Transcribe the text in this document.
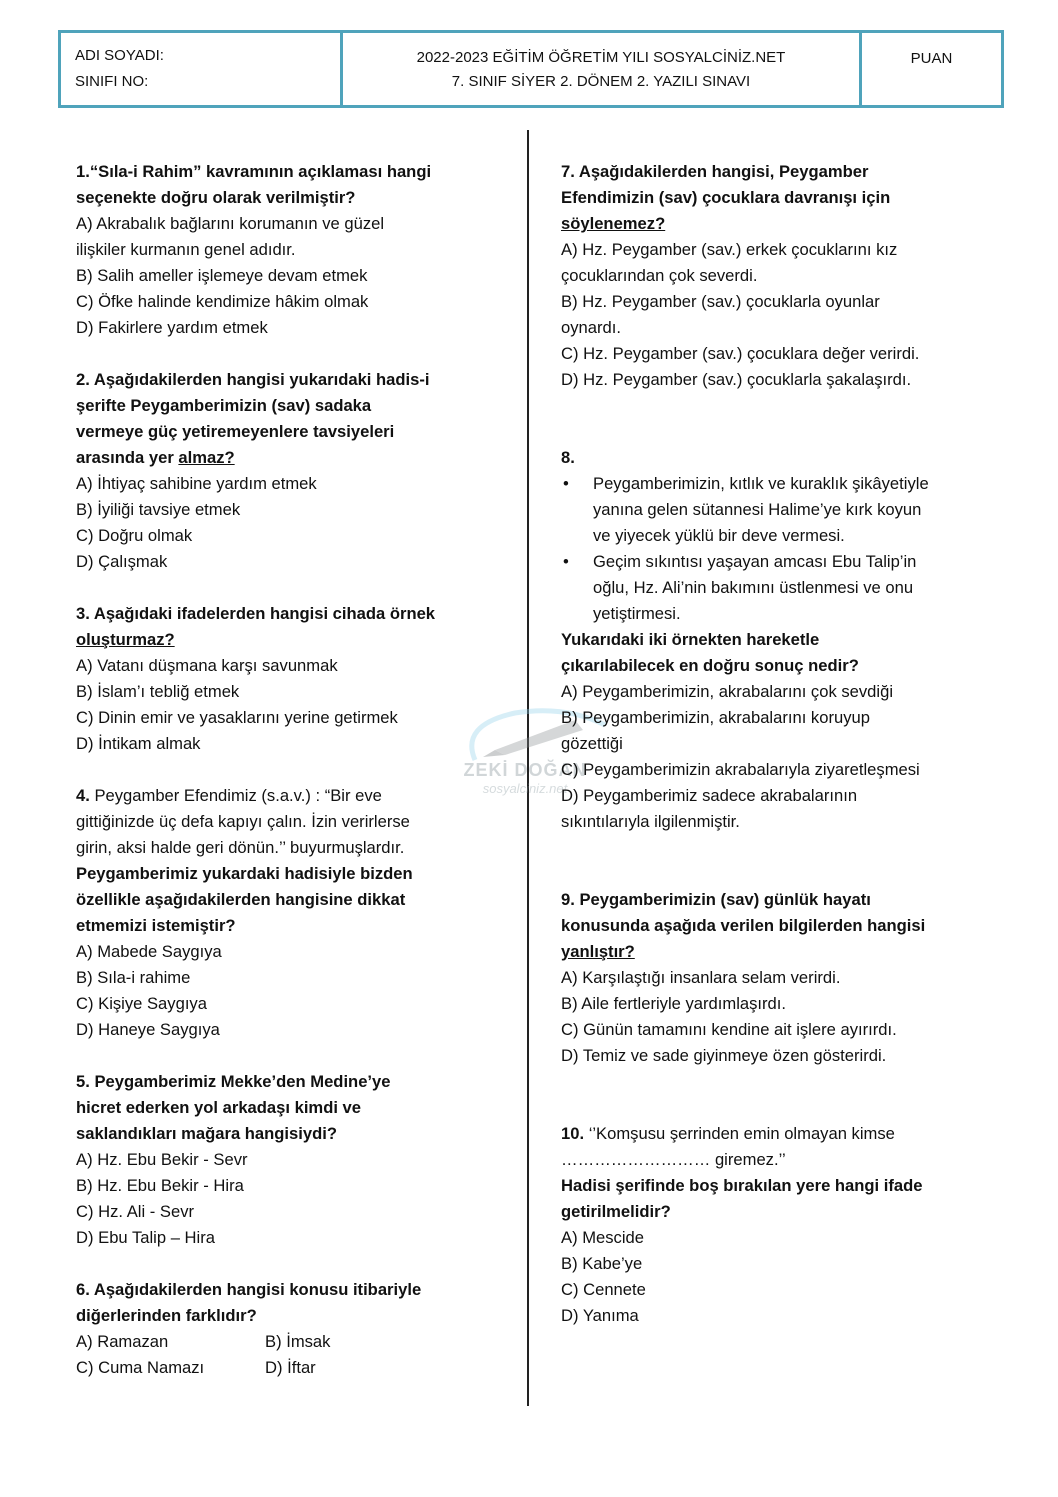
ADI SOYADI:
SINIFI NO:
2022-2023 EĞİTİM ÖĞRETİM YILI SOSYALCİNİZ.NET
7. SINIF SİYER 2. DÖNEM 2. YAZILI SINAVI
PUAN
ZEKİ DOĞAN
sosyalciniz.net
1.“Sıla-i Rahim” kavramının açıklaması hangi
seçenekte doğru olarak verilmiştir?
A) Akrabalık bağlarını korumanın ve güzel
ilişkiler kurmanın genel adıdır.
B) Salih ameller işlemeye devam etmek
C) Öfke halinde kendimize hâkim olmak
D) Fakirlere yardım etmek
2. Aşağıdakilerden hangisi yukarıdaki hadis-i
şerifte Peygamberimizin (sav) sadaka
vermeye güç yetiremeyenlere tavsiyeleri
arasında yer almaz?
A) İhtiyaç sahibine yardım etmek
B) İyiliği tavsiye etmek
C) Doğru olmak
D) Çalışmak
3. Aşağıdaki ifadelerden hangisi cihada örnek
oluşturmaz?
A) Vatanı düşmana karşı savunmak
B) İslam’ı tebliğ etmek
C) Dinin emir ve yasaklarını yerine getirmek
D) İntikam almak
4. Peygamber Efendimiz (s.a.v.) : “Bir eve
gittiğinizde üç defa kapıyı çalın. İzin verirlerse
girin, aksi halde geri dönün.’’ buyurmuşlardır.
Peygamberimiz yukardaki hadisiyle bizden
özellikle aşağıdakilerden hangisine dikkat
etmemizi istemiştir?
A) Mabede Saygıya
B) Sıla-i rahime
C) Kişiye Saygıya
D) Haneye Saygıya
5. Peygamberimiz Mekke’den Medine’ye
hicret ederken yol arkadaşı kimdi ve
saklandıkları mağara hangisiydi?
A) Hz. Ebu Bekir - Sevr
B) Hz. Ebu Bekir - Hira
C) Hz. Ali - Sevr
D) Ebu Talip – Hira
6. Aşağıdakilerden hangisi konusu itibariyle
diğerlerinden farklıdır?
A) Ramazan	B) İmsak
C) Cuma Namazı	D) İftar
7. Aşağıdakilerden hangisi, Peygamber
Efendimizin (sav) çocuklara davranışı için
söylenemez?
A) Hz. Peygamber (sav.) erkek çocuklarını kız
çocuklarından çok severdi.
B) Hz. Peygamber (sav.) çocuklarla oyunlar
oynardı.
C) Hz. Peygamber (sav.) çocuklara değer verirdi.
D) Hz. Peygamber (sav.) çocuklarla şakalaşırdı.
8.
• Peygamberimizin, kıtlık ve kuraklık şikâyetiyle
yanına gelen sütannesi Halime’ye kırk koyun
ve yiyecek yüklü bir deve vermesi.
• Geçim sıkıntısı yaşayan amcası Ebu Talip’in
oğlu, Hz. Ali’nin bakımını üstlenmesi ve onu
yetiştirmesi.
Yukarıdaki iki örnekten hareketle
çıkarılabilecek en doğru sonuç nedir?
A) Peygamberimizin, akrabalarını çok sevdiği
B) Peygamberimizin, akrabalarını koruyup
gözettiği
C) Peygamberimizin akrabalarıyla ziyaretleşmesi
D) Peygamberimiz sadece akrabalarının
sıkıntılarıyla ilgilenmiştir.
9. Peygamberimizin (sav) günlük hayatı
konusunda aşağıda verilen bilgilerden hangisi
yanlıştır?
A) Karşılaştığı insanlara selam verirdi.
B) Aile fertleriyle yardımlaşırdı.
C) Günün tamamını kendine ait işlere ayırırdı.
D) Temiz ve sade giyinmeye özen gösterirdi.
10. ‘’Komşusu şerrinden emin olmayan kimse
……………………… giremez.’’
Hadisi şerifinde boş bırakılan yere hangi ifade
getirilmelidir?
A) Mescide
B) Kabe’ye
C) Cennete
D) Yanıma
